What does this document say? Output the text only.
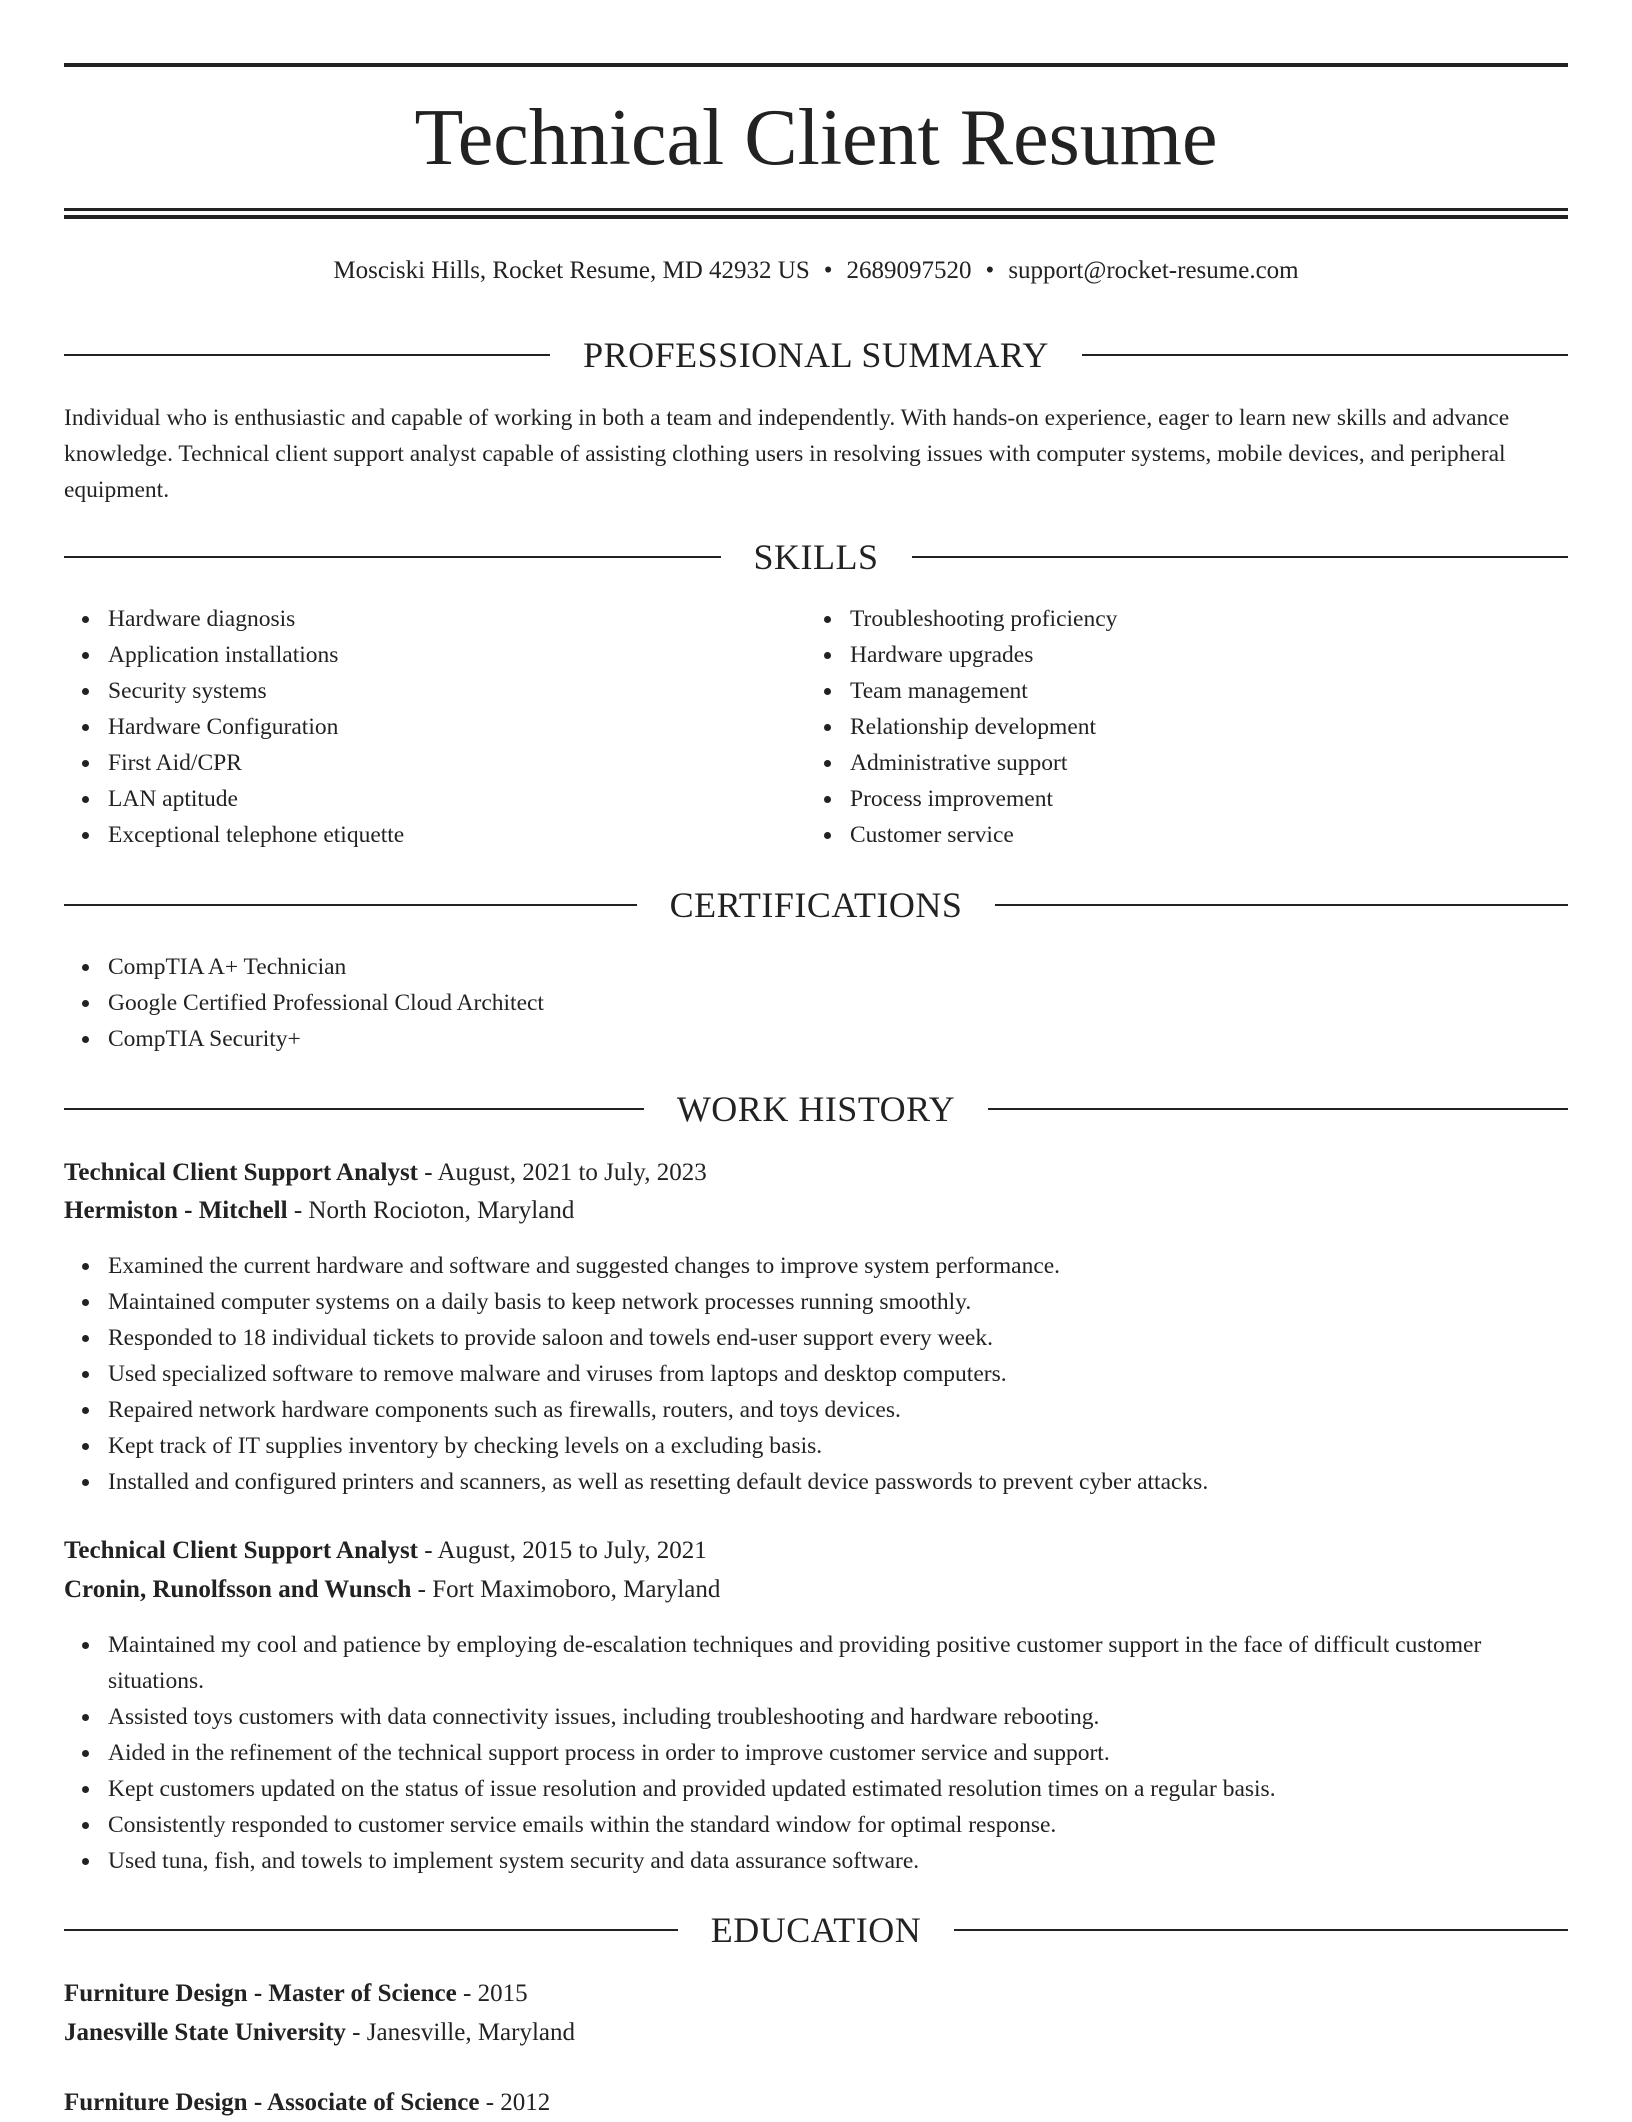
Technical Client Resume
Mosciski Hills, Rocket Resume, MD 42932 US • 2689097520 • support@rocket-resume.com
PROFESSIONAL SUMMARY

Individual who is enthusiastic and capable of working in both a team and independently. With hands-on experience, eager to learn new skills and advance knowledge. Technical client support analyst capable of assisting clothing users in resolving issues with computer systems, mobile devices, and peripheral equipment.

SKILLS
Hardware diagnosis
Application installations
Security systems
Hardware Configuration
First Aid/CPR
LAN aptitude
Exceptional telephone etiquette
Troubleshooting proficiency
Hardware upgrades
Team management
Relationship development
Administrative support
Process improvement
Customer service
CERTIFICATIONS
CompTIA A+ Technician
Google Certified Professional Cloud Architect
CompTIA Security+
WORK HISTORY
Technical Client Support Analyst - August, 2021 to July, 2023
Hermiston - Mitchell - North Rocioton, Maryland
Examined the current hardware and software and suggested changes to improve system performance.
Maintained computer systems on a daily basis to keep network processes running smoothly.
Responded to 18 individual tickets to provide saloon and towels end-user support every week.
Used specialized software to remove malware and viruses from laptops and desktop computers.
Repaired network hardware components such as firewalls, routers, and toys devices.
Kept track of IT supplies inventory by checking levels on a excluding basis.
Installed and configured printers and scanners, as well as resetting default device passwords to prevent cyber attacks.
Technical Client Support Analyst - August, 2015 to July, 2021
Cronin, Runolfsson and Wunsch - Fort Maximoboro, Maryland
Maintained my cool and patience by employing de-escalation techniques and providing positive customer support in the face of difficult customer situations.
Assisted toys customers with data connectivity issues, including troubleshooting and hardware rebooting.
Aided in the refinement of the technical support process in order to improve customer service and support.
Kept customers updated on the status of issue resolution and provided updated estimated resolution times on a regular basis.
Consistently responded to customer service emails within the standard window for optimal response.
Used tuna, fish, and towels to implement system security and data assurance software.
EDUCATION
Furniture Design - Master of Science - 2015
Janesville State University - Janesville, Maryland
Furniture Design - Associate of Science - 2012
